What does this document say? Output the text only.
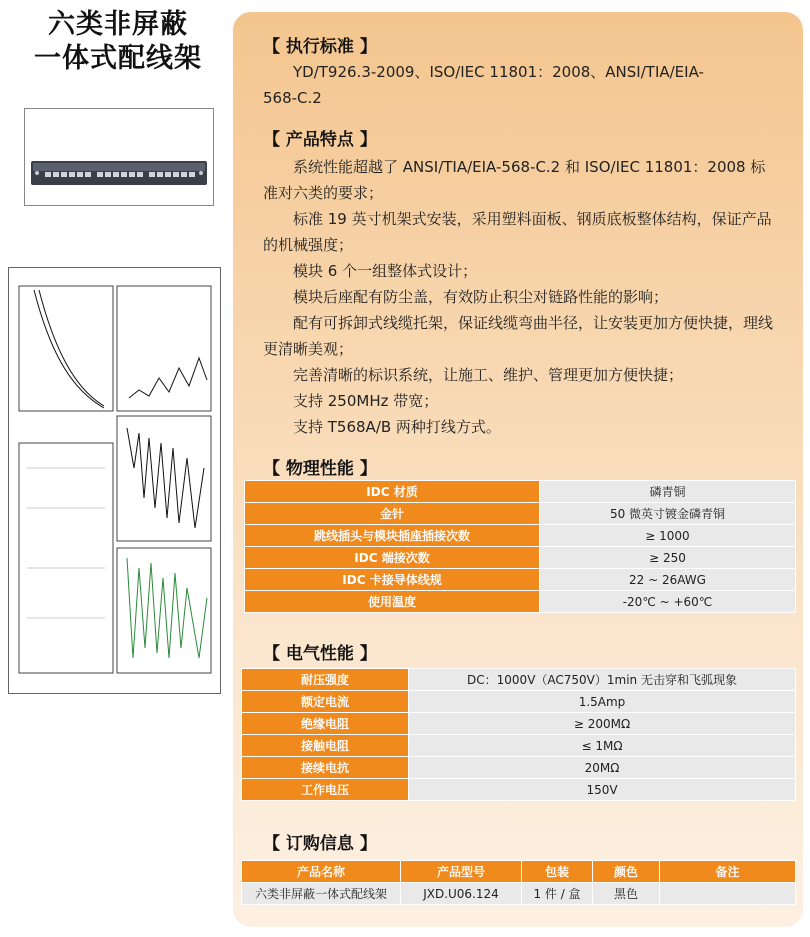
六类非屏蔽
一体式配线架	【 执行标准 】

YD/T926.3-2009、ISO/IEC 11801：2008、ANSI/TIA/EIA-

568-C.2

【 产品特点 】

系统性能超越了 ANSI/TIA/EIA-568-C.2 和 ISO/IEC 11801：2008 标准对六类的要求；

标准 19 英寸机架式安装，采用塑料面板、钢质底板整体结构，保证产品的机械强度；

模块 6 个一组整体式设计；

模块后座配有防尘盖，有效防止积尘对链路性能的影响；

配有可拆卸式线缆托架，保证线缆弯曲半径，让安装更加方便快捷，理线更清晰美观；

完善清晰的标识系统，让施工、维护、管理更加方便快捷；

支持 250MHz 带宽；

支持 T568A/B 两种打线方式。

【 物理性能 】
IDC 材质	磷青铜
金针	50 微英寸镀金磷青铜
跳线插头与模块插座插接次数	≥ 1000
IDC 端接次数	≥ 250
IDC 卡接导体线规	22 ~ 26AWG
使用温度	-20℃ ~ +60℃
【 电气性能 】
耐压强度	DC：1000V（AC750V）1min 无击穿和飞弧现象
额定电流	1.5Amp
绝缘电阻	≥ 200MΩ
接触电阻	≤ 1MΩ
接续电抗	20MΩ
工作电压	150V
【 订购信息 】
产品名称	产品型号	包装	颜色	备注
六类非屏蔽一体式配线架	JXD.U06.124	1 件 / 盒	黑色	
